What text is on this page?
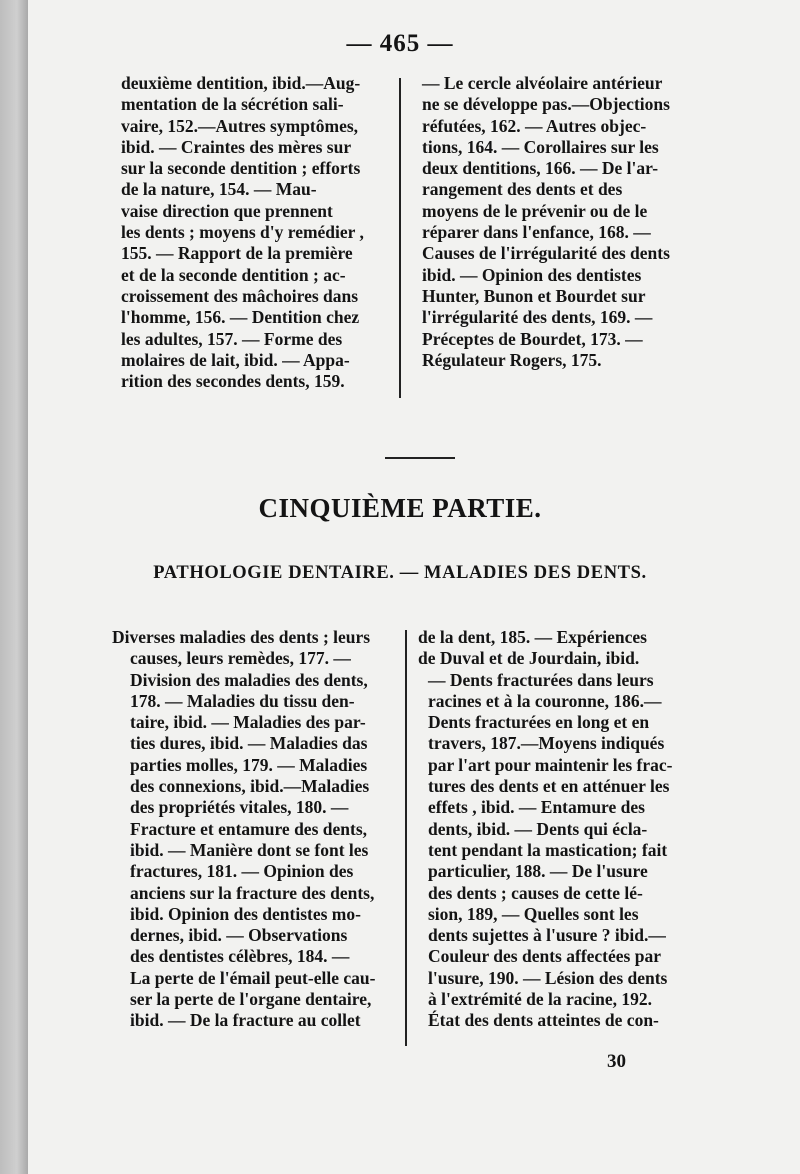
— 465 —
deuxième dentition, ibid.—Aug-
mentation de la sécrétion sali-
vaire, 152.—Autres symptômes,
ibid. — Craintes des mères sur
sur la seconde dentition ; efforts
de la nature, 154. — Mau-
vaise direction que prennent
les dents ; moyens d'y remédier ,
155. — Rapport de la première
et de la seconde dentition ; ac-
croissement des mâchoires dans
l'homme, 156. — Dentition chez
les adultes, 157. — Forme des
molaires de lait, ibid. — Appa-
rition des secondes dents, 159.
— Le cercle alvéolaire antérieur
ne se développe pas.—Objections
réfutées, 162. — Autres objec-
tions, 164. — Corollaires sur les
deux dentitions, 166. — De l'ar-
rangement des dents et des
moyens de le prévenir ou de le
réparer dans l'enfance, 168. —
Causes de l'irrégularité des dents
ibid. — Opinion des dentistes
Hunter, Bunon et Bourdet sur
l'irrégularité des dents, 169. —
Préceptes de Bourdet, 173. —
Régulateur Rogers, 175.
CINQUIÈME PARTIE.
PATHOLOGIE DENTAIRE. — MALADIES DES DENTS.
Diverses maladies des dents ; leurs
causes, leurs remèdes, 177. —
Division des maladies des dents,
178. — Maladies du tissu den-
taire, ibid. — Maladies des par-
ties dures, ibid. — Maladies das
parties molles, 179. — Maladies
des connexions, ibid.—Maladies
des propriétés vitales, 180. —
Fracture et entamure des dents,
ibid. — Manière dont se font les
fractures, 181. — Opinion des
anciens sur la fracture des dents,
ibid. Opinion des dentistes mo-
dernes, ibid. — Observations
des dentistes célèbres, 184. —
La perte de l'émail peut-elle cau-
ser la perte de l'organe dentaire,
ibid. — De la fracture au collet
de la dent, 185. — Expériences
de Duval et de Jourdain, ibid.
— Dents fracturées dans leurs
racines et à la couronne, 186.—
Dents fracturées en long et en
travers, 187.—Moyens indiqués
par l'art pour maintenir les frac-
tures des dents et en atténuer les
effets , ibid. — Entamure des
dents, ibid. — Dents qui écla-
tent pendant la mastication; fait
particulier, 188. — De l'usure
des dents ; causes de cette lé-
sion, 189, — Quelles sont les
dents sujettes à l'usure ? ibid.—
Couleur des dents affectées par
l'usure, 190. — Lésion des dents
à l'extrémité de la racine, 192.
État des dents atteintes de con-
30
